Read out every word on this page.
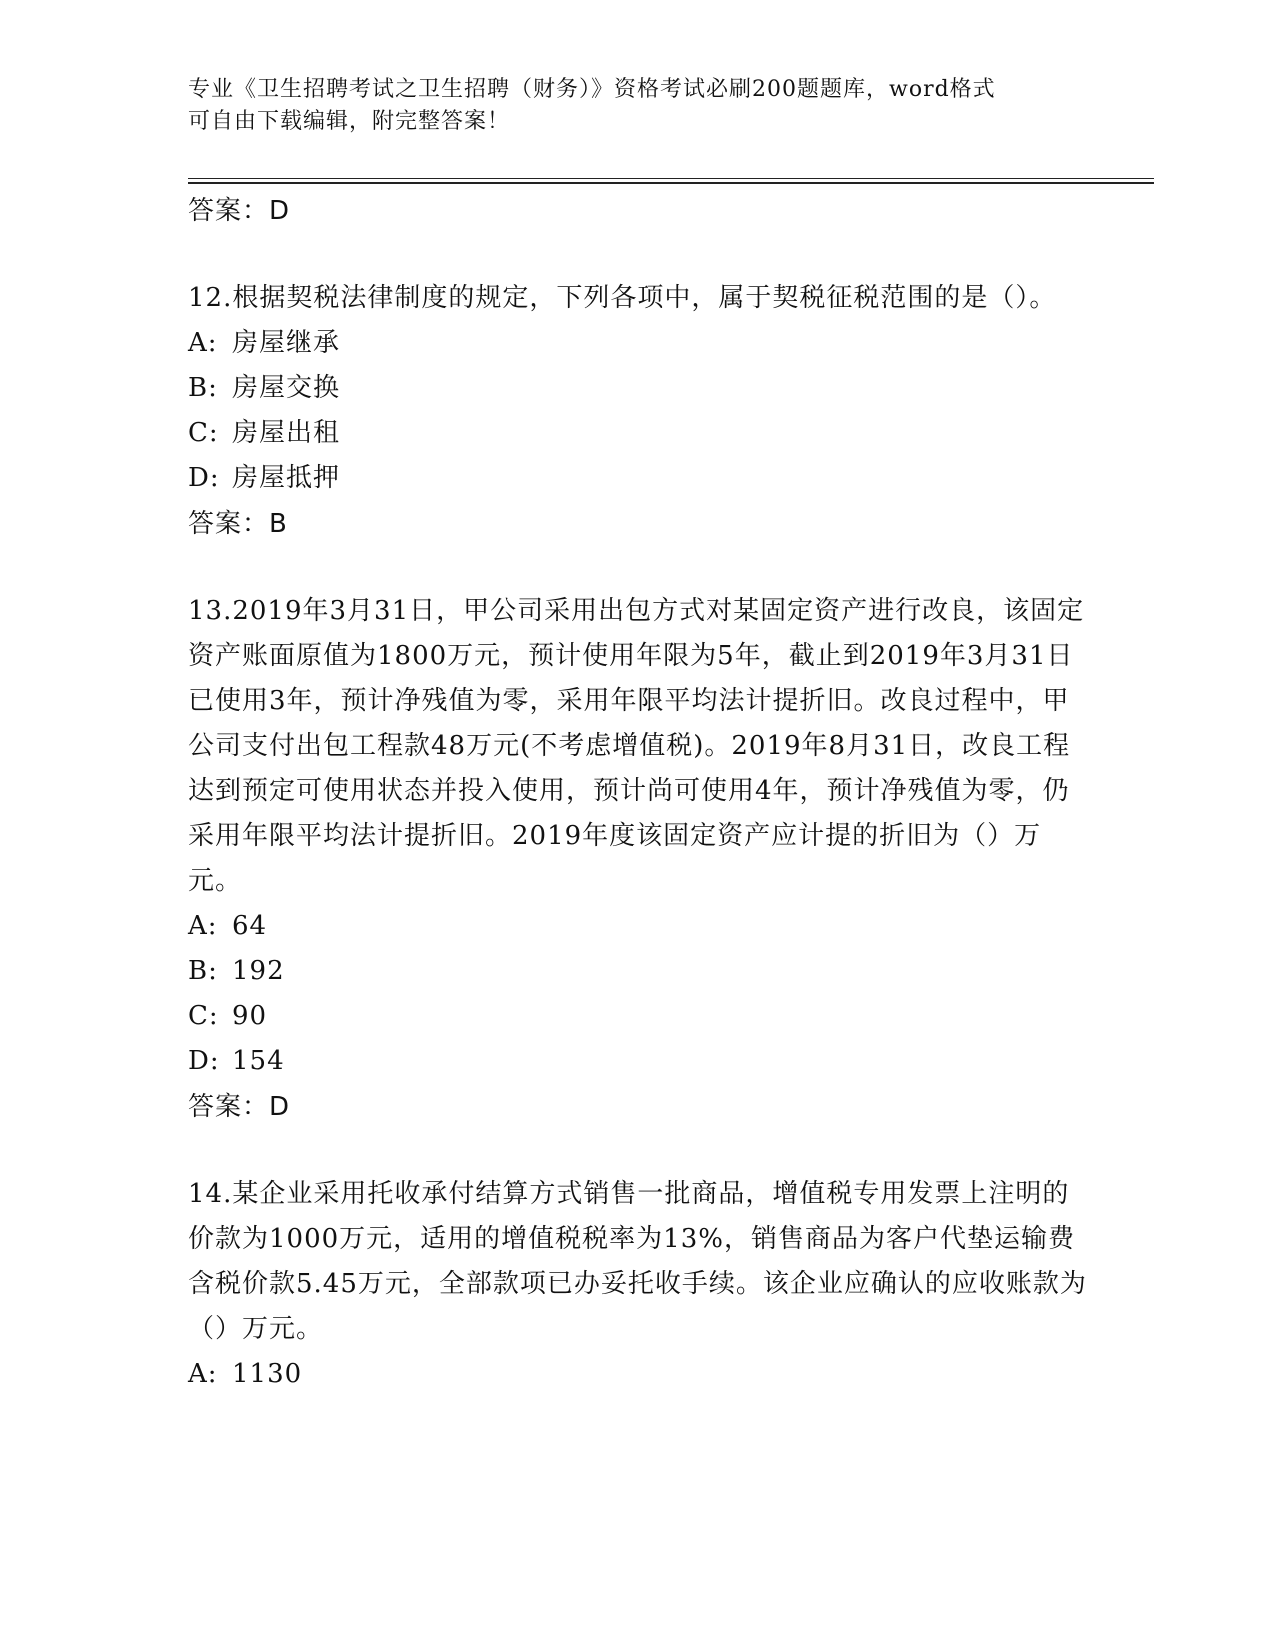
专业《卫生招聘考试之卫生招聘（财务）》资格考试必刷200题题库，word格式
可自由下载编辑，附完整答案！
答案：D

12.根据契税法律制度的规定，下列各项中，属于契税征税范围的是（）。

A: 房屋继承
B: 房屋交换
C: 房屋出租
D: 房屋抵押
答案：B

13.2019年3月31日，甲公司采用出包方式对某固定资产进行改良，该固定资产账面原值为1800万元，预计使用年限为5年，截止到2019年3月31日已使用3年，预计净残值为零，采用年限平均法计提折旧。改良过程中，甲公司支付出包工程款48万元(不考虑增值税)。2019年8月31日，改良工程达到预定可使用状态并投入使用，预计尚可使用4年，预计净残值为零，仍采用年限平均法计提折旧。2019年度该固定资产应计提的折旧为（）万元。

A: 64
B: 192
C: 90
D: 154
答案：D

14.某企业采用托收承付结算方式销售一批商品，增值税专用发票上注明的价款为1000万元，适用的增值税税率为13%，销售商品为客户代垫运输费含税价款5.45万元，全部款项已办妥托收手续。该企业应确认的应收账款为（）万元。

A: 1130
